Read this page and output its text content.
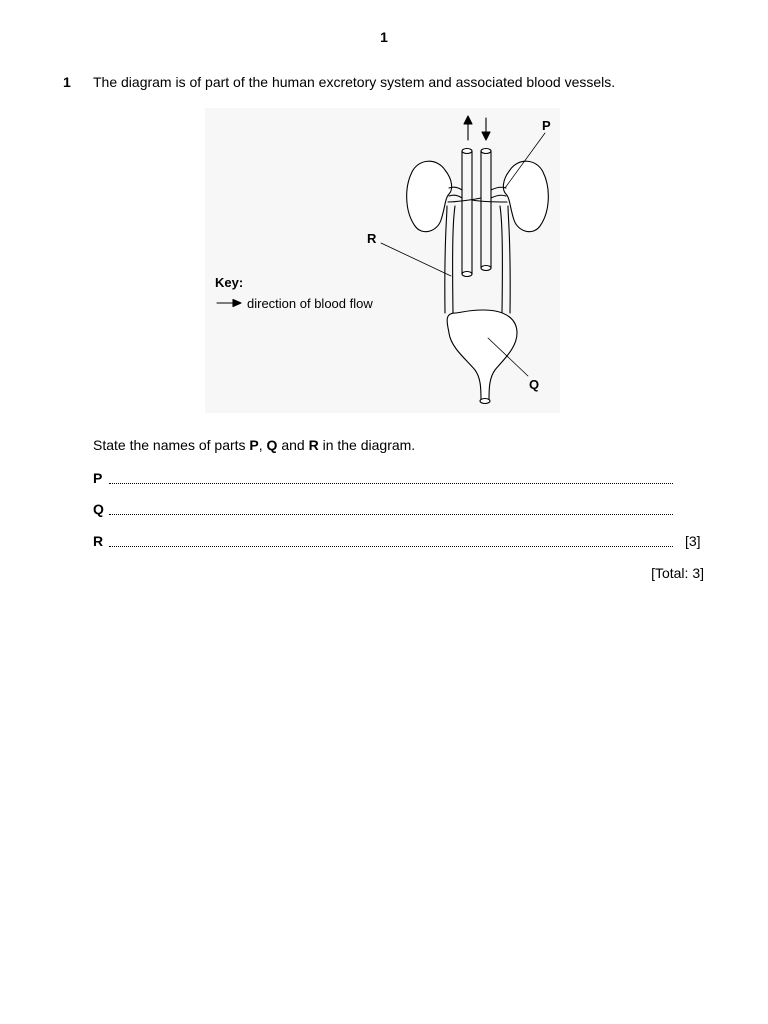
1
1 The diagram is of part of the human excretory system and associated blood vessels.
P
R
Q
Key:
direction of blood flow
State the names of parts P, Q and R in the diagram.
P
Q
R	[3]
[Total: 3]
